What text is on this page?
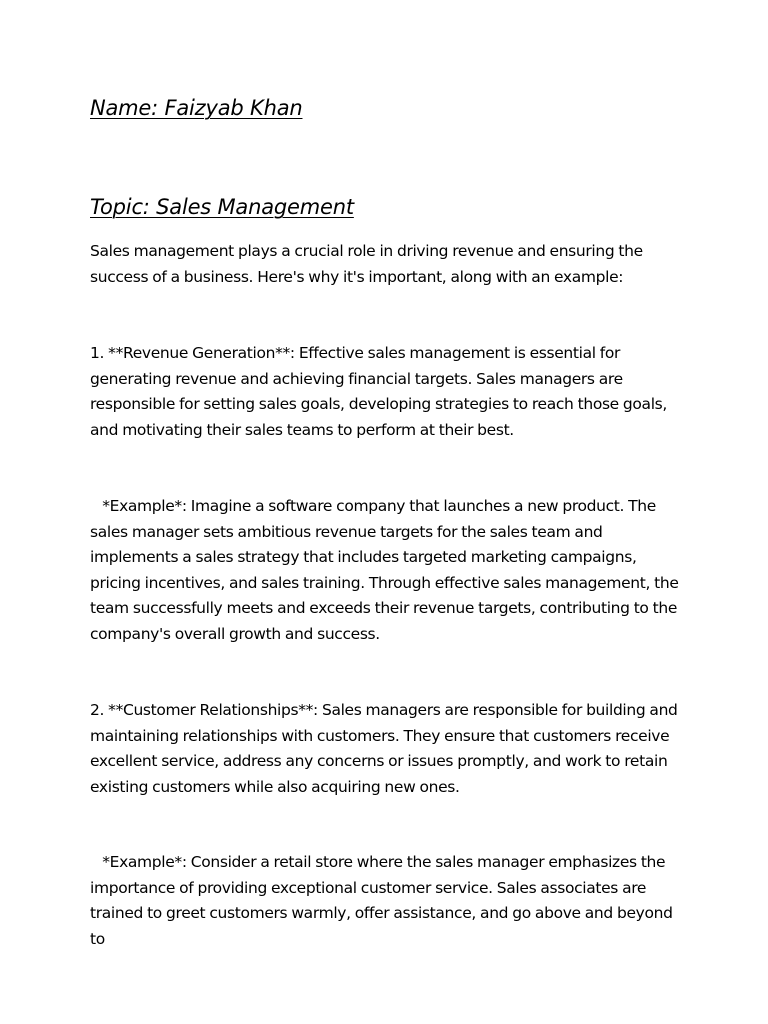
Name: Faizyab Khan
Topic: Sales Management

Sales management plays a crucial role in driving revenue and ensuring the success of a business. Here's why it's important, along with an example:

1. **Revenue Generation**: Effective sales management is essential for generating revenue and achieving financial targets. Sales managers are responsible for setting sales goals, developing strategies to reach those goals, and motivating their sales teams to perform at their best.

*Example*: Imagine a software company that launches a new product. The sales manager sets ambitious revenue targets for the sales team and implements a sales strategy that includes targeted marketing campaigns, pricing incentives, and sales training. Through effective sales management, the team successfully meets and exceeds their revenue targets, contributing to the company's overall growth and success.

2. **Customer Relationships**: Sales managers are responsible for building and maintaining relationships with customers. They ensure that customers receive excellent service, address any concerns or issues promptly, and work to retain existing customers while also acquiring new ones.

*Example*: Consider a retail store where the sales manager emphasizes the importance of providing exceptional customer service. Sales associates are trained to greet customers warmly, offer assistance, and go above and beyond to
